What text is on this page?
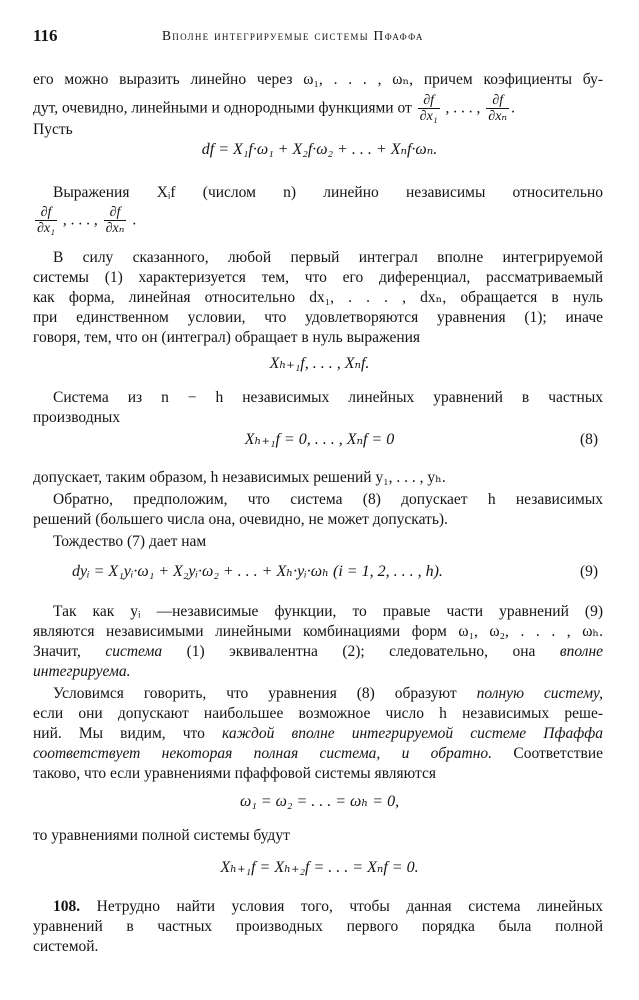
116	Вполне интегрируемые системы Пфаффа
его можно выразить линейно через ω₁, . . . , ωₙ, причем коэфициенты бу-
дут, очевидно, линейными и однородными функциями от $\frac{\partial f}{\text{∂x₁}}$ , . . . , $\frac{\partial f}{\text{∂xₙ}}$ .
Пусть
df = X₁f·ω₁ + X₂f·ω₂ + . . . + Xₙf·ωₙ.
Выражения Xᵢf (числом n) линейно независимы относительно
$\frac{\partial f}{\text{∂x₁}}$ , . . . , $\frac{\partial f}{\text{∂xₙ}}$ .
В силу сказанного, любой первый интеграл вполне интегрируемой
системы (1) характеризуется тем, что его диференциал, рассматриваемый
как форма, линейная относительно dx₁, . . . , dxₙ, обращается в нуль
при единственном условии, что удовлетворяются уравнения (1); иначе
говоря, тем, что он (интеграл) обращает в нуль выражения
Xₕ₊₁f, . . . , Xₙf.
Система из n − h независимых линейных уравнений в частных
производных
Xₕ₊₁f = 0, . . . , Xₙf = 0	(8)
допускает, таким образом, h независимых решений y₁, . . . , yₕ.
Обратно, предположим, что система (8) допускает h независимых
решений (большего числа она, очевидно, не может допускать).
Тождество (7) дает нам
dyᵢ = X₁yᵢ·ω₁ + X₂yᵢ·ω₂ + . . . + Xₕ·yᵢ·ωₕ (i = 1, 2, . . . , h).	(9)
Так как yᵢ —независимые функции, то правые части уравнений (9)
являются независимыми линейными комбинациями форм ω₁, ω₂, . . . , ωₕ.
Значит, система (1) эквивалентна (2); следовательно, она вполне
интегрируема.
Условимся говорить, что уравнения (8) образуют полную систему,
если они допускают наибольшее возможное число h независимых реше-
ний. Мы видим, что каждой вполне интегрируемой системе Пфаффа
соответствует некоторая полная система, и обратно. Соответствие
таково, что если уравнениями пфаффовой системы являются
ω₁ = ω₂ = . . . = ωₕ = 0,
то уравнениями полной системы будут
Xₕ₊₁f = Xₕ₊₂f = . . . = Xₙf = 0.
108. Нетрудно найти условия того, чтобы данная система линейных
уравнений в частных производных первого порядка была полной
системой.
